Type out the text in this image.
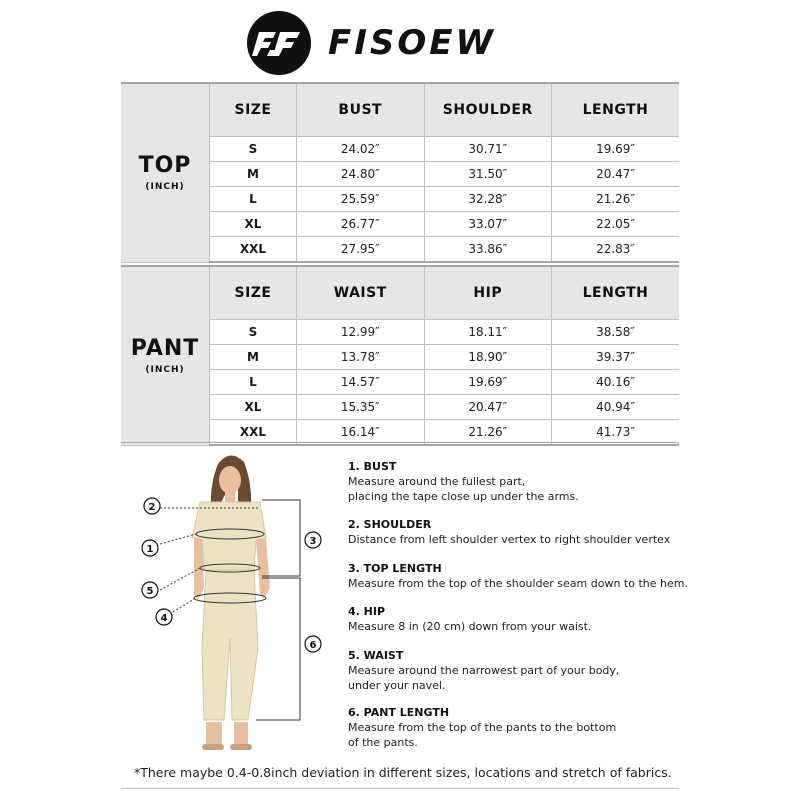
FISOEW
TOP
(INCH)	SIZE	BUST	SHOULDER	LENGTH
	S	24.02″	30.71″	19.69″
	M	24.80″	31.50″	20.47″
	L	25.59″	32.28″	21.26″
	XL	26.77″	33.07″	22.05″
	XXL	27.95″	33.86″	22.83″
PANT
(INCH)	SIZE	WAIST	HIP	LENGTH
	S	12.99″	18.11″	38.58″
	M	13.78″	18.90″	39.37″
	L	14.57″	19.69″	40.16″
	XL	15.35″	20.47″	40.94″
	XXL	16.14″	21.26″	41.73″
2
1
5
4
3
6
1. BUST
Measure around the fullest part,
placing the tape close up under the arms.
2. SHOULDER
Distance from left shoulder vertex to right shoulder vertex
3. TOP LENGTH
Measure from the top of the shoulder seam down to the hem.
4. HIP
Measure 8 in (20 cm) down from your waist.
5. WAIST
Measure around the narrowest part of your body,
under your navel.
6. PANT LENGTH
Measure from the top of the pants to the bottom
of the pants.
*There maybe 0.4-0.8inch deviation in different sizes, locations and stretch of fabrics.
